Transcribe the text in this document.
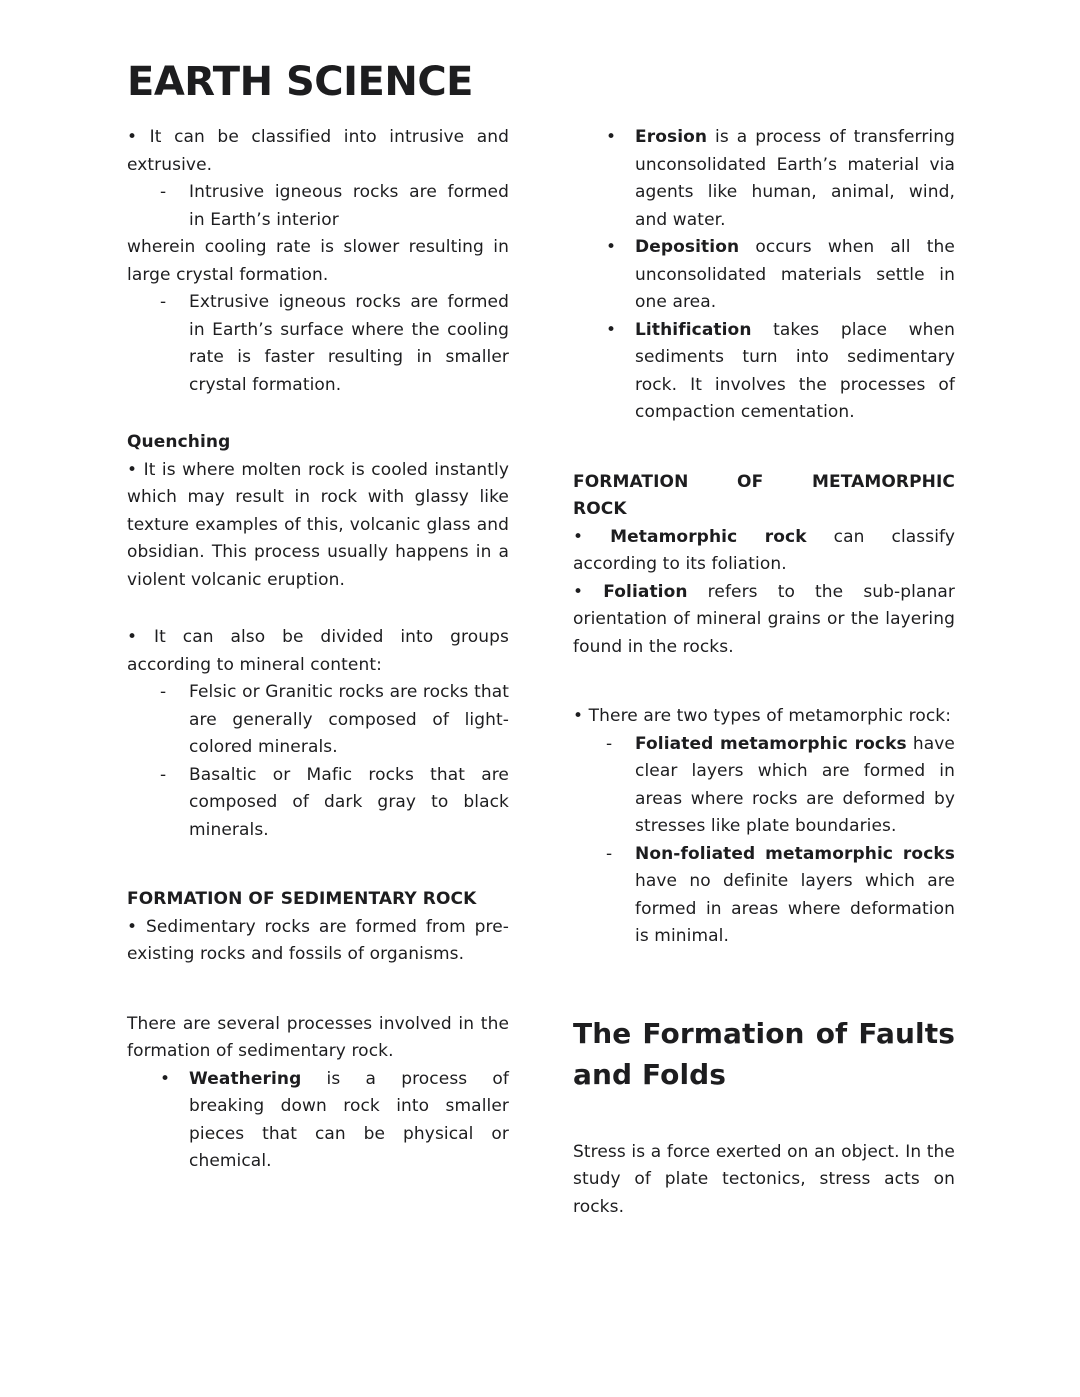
EARTH SCIENCE

• It can be classified into intrusive and extrusive.

- Intrusive igneous rocks are formed in Earth’s interior

wherein cooling rate is slower resulting in large crystal formation.

- Extrusive igneous rocks are formed in Earth’s surface where the cooling rate is faster resulting in smaller crystal formation.

Quenching

• It is where molten rock is cooled instantly which may result in rock with glassy like texture examples of this, volcanic glass and obsidian. This process usually happens in a violent volcanic eruption.

• It can also be divided into groups according to mineral content:

- Felsic or Granitic rocks are rocks that are generally composed of light-colored minerals.

- Basaltic or Mafic rocks that are composed of dark gray to black minerals.

FORMATION OF SEDIMENTARY ROCK

• Sedimentary rocks are formed from pre-existing rocks and fossils of organisms.

There are several processes involved in the formation of sedimentary rock.

• Weathering is a process of breaking down rock into smaller pieces that can be physical or chemical.

• Erosion is a process of transferring unconsolidated Earth’s material via agents like human, animal, wind, and water.

• Deposition occurs when all the unconsolidated materials settle in one area.

• Lithification takes place when sediments turn into sedimentary rock. It involves the processes of compaction cementation.

FORMATION OF METAMORPHIC ROCK

• Metamorphic rock can classify according to its foliation.

• Foliation refers to the sub-planar orientation of mineral grains or the layering found in the rocks.

• There are two types of metamorphic rock:

- Foliated metamorphic rocks have clear layers which are formed in areas where rocks are deformed by stresses like plate boundaries.

- Non-foliated metamorphic rocks have no definite layers which are formed in areas where deformation is minimal.

The Formation of Faults and Folds

Stress is a force exerted on an object. In the study of plate tectonics, stress acts on rocks.
